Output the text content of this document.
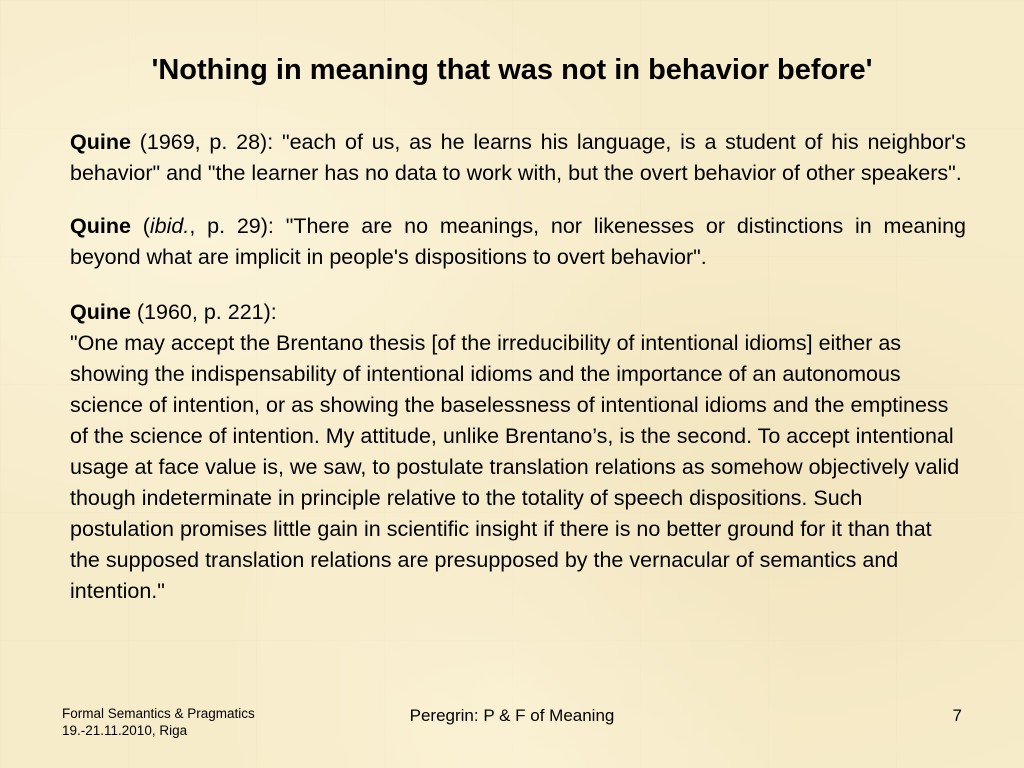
'Nothing in meaning that was not in behavior before'

Quine (1969, p. 28): "each of us, as he learns his language, is a student of his neighbor's behavior" and "the learner has no data to work with, but the overt behavior of other speakers".

Quine (ibid., p. 29): "There are no meanings, nor likenesses or distinctions in meaning beyond what are implicit in people's dispositions to overt behavior".

Quine (1960, p. 221):
"One may accept the Brentano thesis [of the irreducibility of intentional idioms] either as showing the indispensability of intentional idioms and the importance of an autonomous science of intention, or as showing the baselessness of intentional idioms and the emptiness of the science of intention. My attitude, unlike Brentano’s, is the second. To accept intentional usage at face value is, we saw, to postulate translation relations as somehow objectively valid though indeterminate in principle relative to the totality of speech dispositions. Such postulation promises little gain in scientific insight if there is no better ground for it than that the supposed translation relations are presupposed by the vernacular of semantics and intention."

Formal Semantics & Pragmatics
19.-21.11.2010, Riga
Peregrin: P & F of Meaning	7
